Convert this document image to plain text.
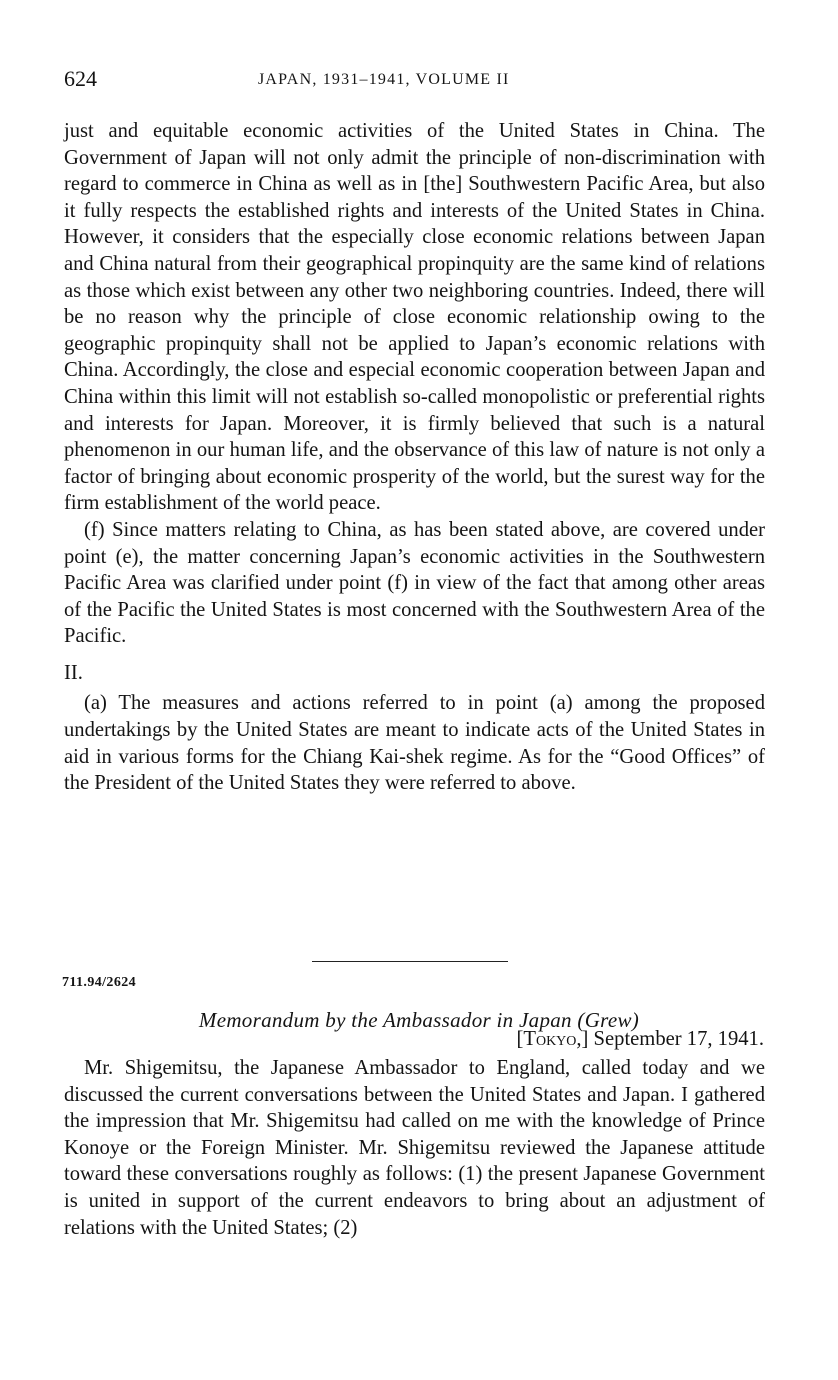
624	JAPAN, 1931–1941, VOLUME II

just and equitable economic activities of the United States in China. The Government of Japan will not only admit the principle of non-discrimination with regard to commerce in China as well as in [the] Southwestern Pacific Area, but also it fully respects the established rights and interests of the United States in China. However, it considers that the especially close economic relations between Japan and China natural from their geographical propinquity are the same kind of relations as those which exist between any other two neighboring countries. Indeed, there will be no reason why the principle of close economic relationship owing to the geographic propinquity shall not be applied to Japan’s economic relations with China. Accordingly, the close and especial economic cooperation between Japan and China within this limit will not establish so-called monopolistic or preferential rights and interests for Japan. Moreover, it is firmly believed that such is a natural phenomenon in our human life, and the observance of this law of nature is not only a factor of bringing about economic prosperity of the world, but the surest way for the firm establishment of the world peace.

(f) Since matters relating to China, as has been stated above, are covered under point (e), the matter concerning Japan’s economic activities in the Southwestern Pacific Area was clarified under point (f) in view of the fact that among other areas of the Pacific the United States is most concerned with the Southwestern Area of the Pacific.

II.

(a) The measures and actions referred to in point (a) among the proposed undertakings by the United States are meant to indicate acts of the United States in aid in various forms for the Chiang Kai-shek regime. As for the “Good Offices” of the President of the United States they were referred to above.

711.94/2624
Memorandum by the Ambassador in Japan (Grew)
[Tokyo,] September 17, 1941.

Mr. Shigemitsu, the Japanese Ambassador to England, called today and we discussed the current conversations between the United States and Japan. I gathered the impression that Mr. Shigemitsu had called on me with the knowledge of Prince Konoye or the Foreign Minister. Mr. Shigemitsu reviewed the Japanese attitude toward these conversations roughly as follows: (1) the present Japanese Government is united in support of the current endeavors to bring about an adjustment of relations with the United States; (2)
